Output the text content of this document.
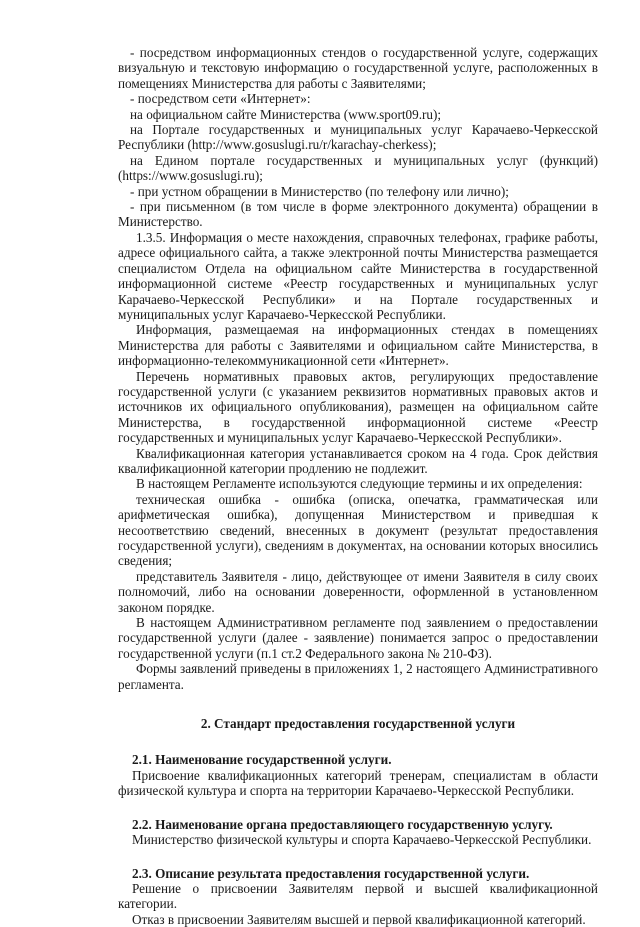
- посредством информационных стендов о государственной услуге, содержащих визуальную и текстовую информацию о государственной услуге, расположенных в помещениях Министерства для работы с Заявителями;

- посредством сети «Интернет»:

на официальном сайте Министерства (www.sport09.ru);

на Портале государственных и муниципальных услуг Карачаево-Черкесской Республики (http://www.gosuslugi.ru/r/karachay-cherkess);

на Едином портале государственных и муниципальных услуг (функций) (https://www.gosuslugi.ru);

- при устном обращении в Министерство (по телефону или лично);

- при письменном (в том числе в форме электронного документа) обращении в Министерство.

1.3.5. Информация о месте нахождения, справочных телефонах, графике работы, адресе официального сайта, а также электронной почты Министерства размещается специалистом Отдела на официальном сайте Министерства в государственной информационной системе «Реестр государственных и муниципальных услуг Карачаево-Черкесской Республики» и на Портале государственных и муниципальных услуг Карачаево-Черкесской Республики.

Информация, размещаемая на информационных стендах в помещениях Министерства для работы с Заявителями и официальном сайте Министерства, в информационно-телекоммуникационной сети «Интернет».

Перечень нормативных правовых актов, регулирующих предоставление государственной услуги (с указанием реквизитов нормативных правовых актов и источников их официального опубликования), размещен на официальном сайте Министерства, в государственной информационной системе «Реестр государственных и муниципальных услуг Карачаево-Черкесской Республики».

Квалификационная категория устанавливается сроком на 4 года. Срок действия квалификационной категории продлению не подлежит.

В настоящем Регламенте используются следующие термины и их определения:

техническая ошибка - ошибка (описка, опечатка, грамматическая или арифметическая ошибка), допущенная Министерством и приведшая к несоответствию сведений, внесенных в документ (результат предоставления государственной услуги), сведениям в документах, на основании которых вносились сведения;

представитель Заявителя - лицо, действующее от имени Заявителя в силу своих полномочий, либо на основании доверенности, оформленной в установленном законом порядке.

В настоящем Административном регламенте под заявлением о предоставлении государственной услуги (далее - заявление) понимается запрос о предоставлении государственной услуги (п.1 ст.2 Федерального закона № 210-ФЗ).

Формы заявлений приведены в приложениях 1, 2 настоящего Административного регламента.

2. Стандарт предоставления государственной услуги

2.1. Наименование государственной услуги.

Присвоение квалификационных категорий тренерам, специалистам в области физической культура и спорта на территории Карачаево-Черкесской Республики.

2.2. Наименование органа предоставляющего государственную услугу.

Министерство физической культуры и спорта Карачаево-Черкесской Республики.

2.3. Описание результата предоставления государственной услуги.

Решение о присвоении Заявителям первой и высшей квалификационной категории.

Отказ в присвоении Заявителям высшей и первой квалификационной категорий.
